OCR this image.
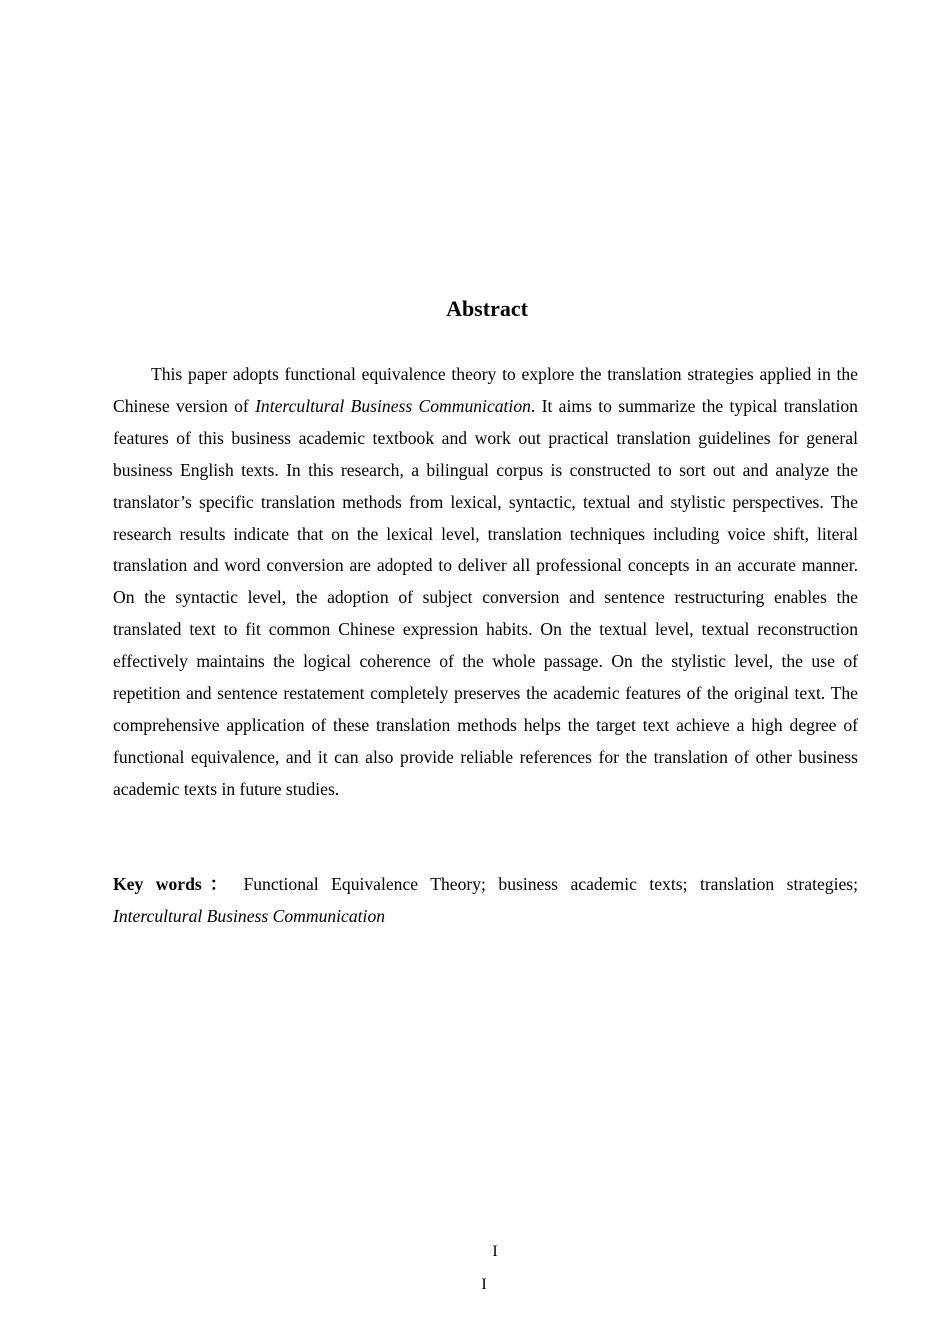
Abstract

This paper adopts functional equivalence theory to explore the translation strategies applied in the Chinese version of Intercultural Business Communication. It aims to summarize the typical translation features of this business academic textbook and work out practical translation guidelines for general business English texts. In this research, a bilingual corpus is constructed to sort out and analyze the translator’s specific translation methods from lexical, syntactic, textual and stylistic perspectives. The research results indicate that on the lexical level, translation techniques including voice shift, literal translation and word conversion are adopted to deliver all professional concepts in an accurate manner. On the syntactic level, the adoption of subject conversion and sentence restructuring enables the translated text to fit common Chinese expression habits. On the textual level, textual reconstruction effectively maintains the logical coherence of the whole passage. On the stylistic level, the use of repetition and sentence restatement completely preserves the academic features of the original text. The comprehensive application of these translation methods helps the target text achieve a high degree of functional equivalence, and it can also provide reliable references for the translation of other business academic texts in future studies.

Key words： Functional Equivalence Theory; business academic texts; translation strategies; Intercultural Business Communication

I
I
